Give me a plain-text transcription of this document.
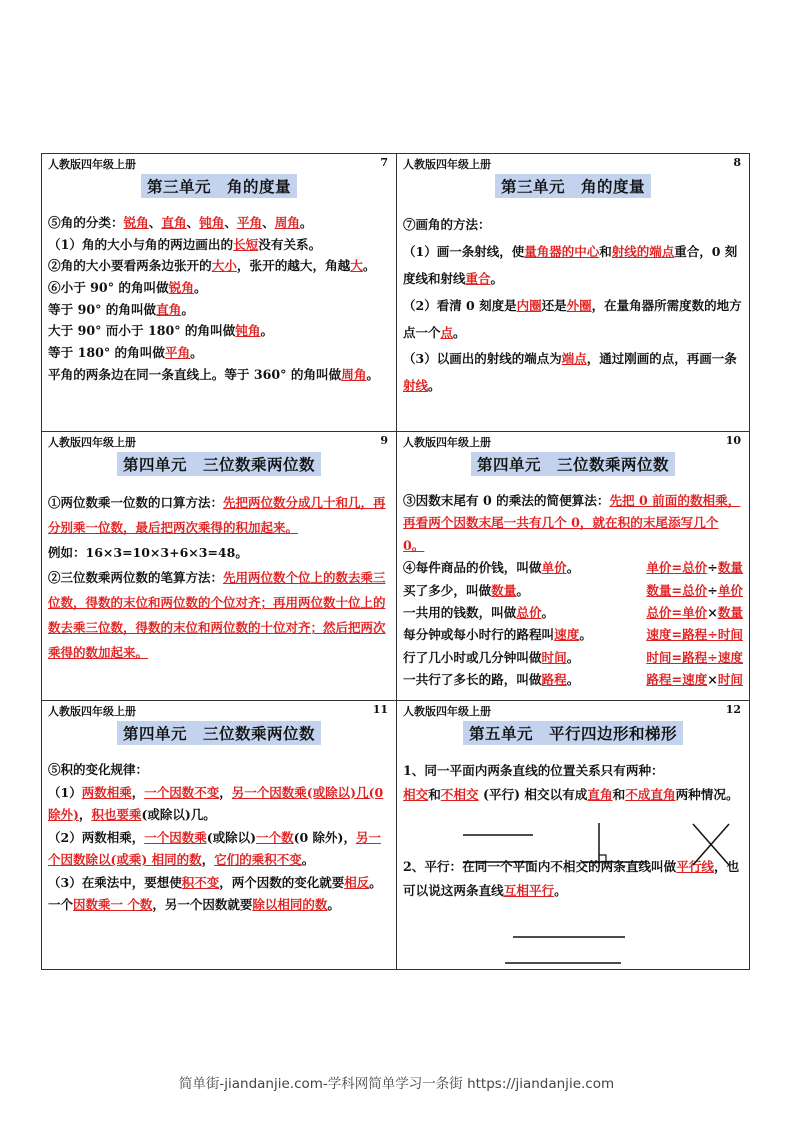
人教版四年级上册	7
第三单元　角的度量

⑤角的分类：锐角、直角、钝角、平角、周角。

（1）角的大小与角的两边画出的长短没有关系。

②角的大小要看两条边张开的大小，张开的越大，角越大。

⑥小于 90° 的角叫做锐角。

等于 90° 的角叫做直角。

大于 90° 而小于 180° 的角叫做钝角。

等于 180° 的角叫做平角。

平角的两条边在同一条直线上。等于 360° 的角叫做周角。

人教版四年级上册	8
第三单元　角的度量

⑦画角的方法：

（1）画一条射线，使量角器的中心和射线的端点重合，0 刻度线和射线重合。

（2）看清 0 刻度是内圈还是外圈，在量角器所需度数的地方点一个点。

（3）以画出的射线的端点为端点，通过刚画的点，再画一条射线。

人教版四年级上册	9
第四单元　三位数乘两位数

①两位数乘一位数的口算方法：先把两位数分成几十和几，再分别乘一位数，最后把两次乘得的积加起来。

例如：16×3=10×3+6×3=48。

②三位数乘两位数的笔算方法：先用两位数个位上的数去乘三位数，得数的末位和两位数的个位对齐；再用两位数十位上的数去乘三位数，得数的末位和两位数的十位对齐；然后把两次乘得的数加起来。

人教版四年级上册	10
第四单元　三位数乘两位数

③因数末尾有 0 的乘法的简便算法：先把 0 前面的数相乘，再看两个因数末尾一共有几个 0，就在积的末尾添写几个 0。

④每件商品的价钱，叫做单价。	单价=总价÷数量
买了多少，叫做数量。	数量=总价÷单价
一共用的钱数，叫做总价。	总价=单价×数量
每分钟或每小时行的路程叫速度。	速度=路程÷时间
行了几小时或几分钟叫做时间。	时间=路程÷速度
一共行了多长的路，叫做路程。	路程=速度×时间
人教版四年级上册	11
第四单元　三位数乘两位数

⑤积的变化规律：

（1）两数相乘，一个因数不变，另一个因数乘(或除以)几(0 除外)，积也要乘(或除以)几。

（2）两数相乘，一个因数乘(或除以)一个数(0 除外)，另一个因数除以(或乘) 相同的数，它们的乘积不变。

（3）在乘法中，要想使积不变，两个因数的变化就要相反。一个因数乘一 个数，另一个因数就要除以相同的数。

人教版四年级上册	12
第五单元　平行四边形和梯形

1、同一平面内两条直线的位置关系只有两种：

相交和不相交 (平行) 相交以有成直角和不成直角两种情况。

2、平行：在同一个平面内不相交的两条直线叫做平行线，也可以说这两条直线互相平行。

简单街-jiandanjie.com-学科网简单学习一条街 https://jiandanjie.com
